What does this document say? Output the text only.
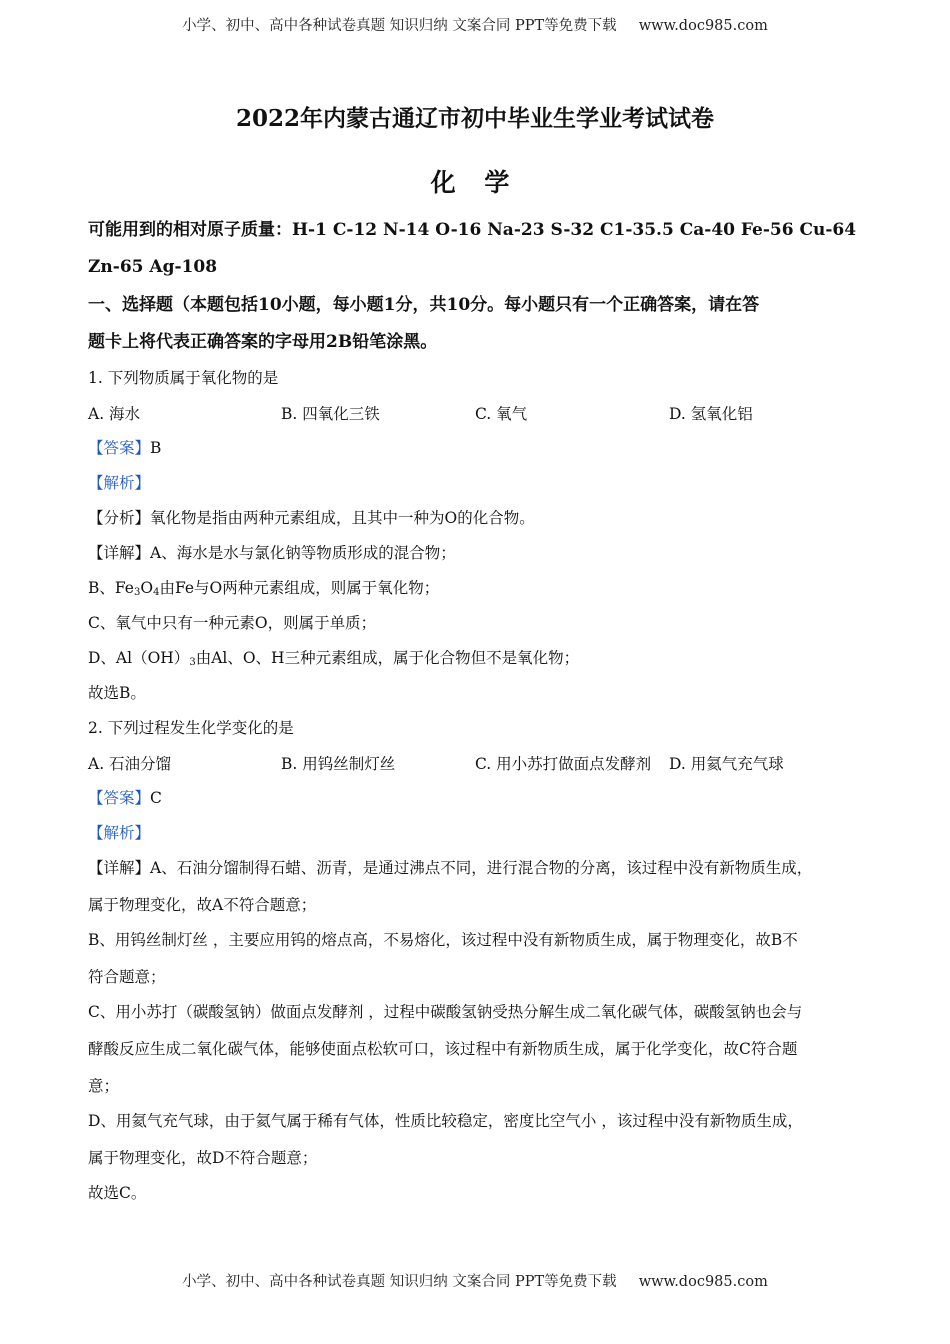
小学、初中、高中各种试卷真题 知识归纳 文案合同 PPT等免费下载 www.doc985.com
2022年内蒙古通辽市初中毕业生学业考试试卷
化 学
可能用到的相对原子质量：H-1 C-12 N-14 O-16 Na-23 S-32 C1-35.5 Ca-40 Fe-56 Cu-64
Zn-65 Ag-108
一、选择题（本题包括10小题，每小题1分，共10分。每小题只有一个正确答案，请在答
题卡上将代表正确答案的字母用2B铅笔涂黑。
1. 下列物质属于氧化物的是
A. 海水	B. 四氧化三铁	C. 氧气	D. 氢氧化铝
【答案】B
【解析】
【分析】氧化物是指由两种元素组成，且其中一种为O的化合物。
【详解】A、海水是水与氯化钠等物质形成的混合物；
B、$Fe_3O_4$由Fe与O两种元素组成，则属于氧化物；
C、氧气中只有一种元素O，则属于单质；
D、$Al(OH)_3$由Al、O、H三种元素组成，属于化合物但不是氧化物；
故选B。
2. 下列过程发生化学变化的是
A. 石油分馏	B. 用钨丝制灯丝	C. 用小苏打做面点发酵剂 D. 用氦气充气球
【答案】C
【解析】
【详解】A、石油分馏制得石蜡、沥青，是通过沸点不同，进行混合物的分离，该过程中没有新物质生成，
属于物理变化，故A不符合题意；
B、用钨丝制灯丝 ，主要应用钨的熔点高，不易熔化，该过程中没有新物质生成，属于物理变化，故B不
符合题意；
C、用小苏打（碳酸氢钠）做面点发酵剂 ，过程中碳酸氢钠受热分解生成二氧化碳气体，碳酸氢钠也会与
酵酸反应生成二氧化碳气体，能够使面点松软可口，该过程中有新物质生成，属于化学变化，故C符合题
意；
D、用氦气充气球，由于氦气属于稀有气体，性质比较稳定，密度比空气小 ，该过程中没有新物质生成，
属于物理变化，故D不符合题意；
故选C。
小学、初中、高中各种试卷真题 知识归纳 文案合同 PPT等免费下载 www.doc985.com
